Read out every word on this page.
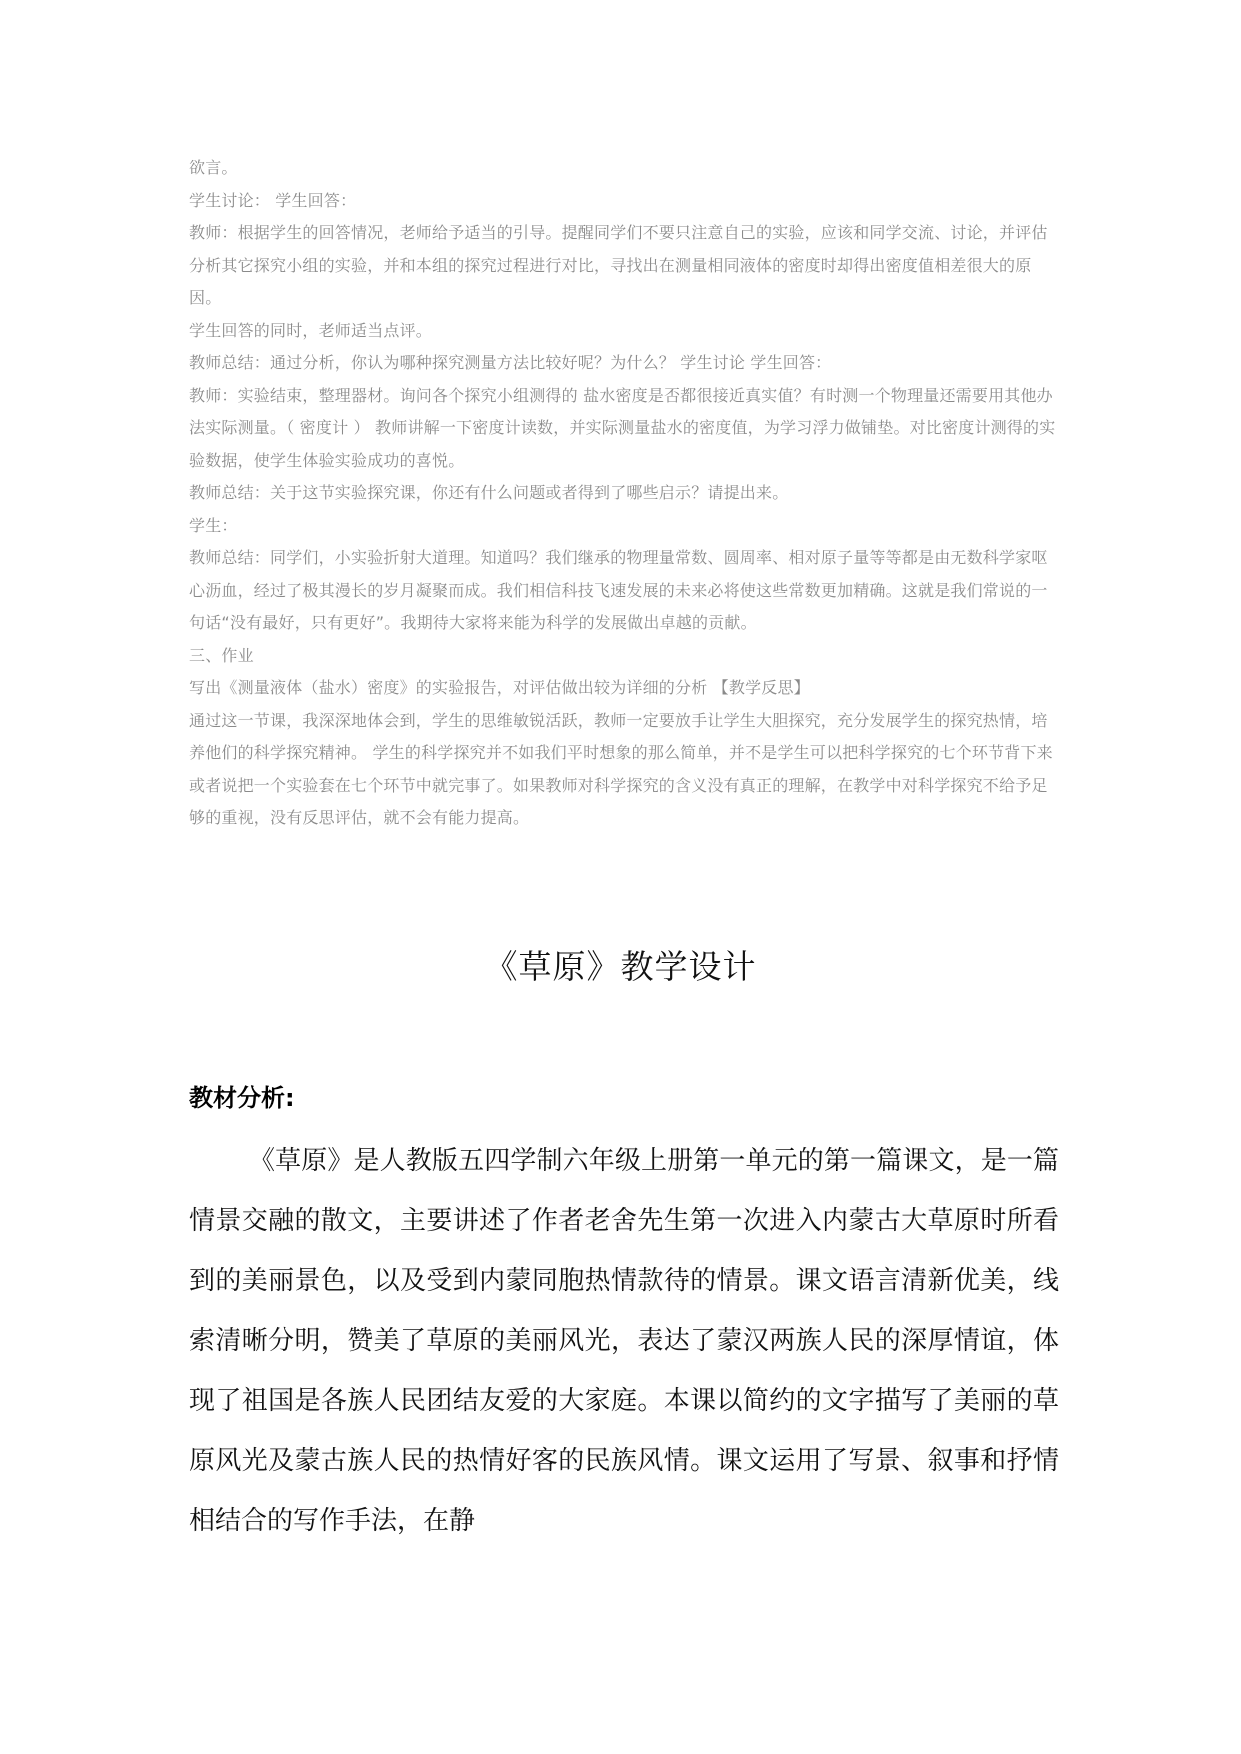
欲言。

学生讨论： 学生回答：

教师：根据学生的回答情况，老师给予适当的引导。提醒同学们不要只注意自己的实验，应该和同学交流、讨论，并评估分析其它探究小组的实验，并和本组的探究过程进行对比，寻找出在测量相同液体的密度时却得出密度值相差很大的原因。

学生回答的同时，老师适当点评。

教师总结：通过分析，你认为哪种探究测量方法比较好呢？为什么？ 学生讨论 学生回答：

教师：实验结束，整理器材。询问各个探究小组测得的 盐水密度是否都很接近真实值？有时测一个物理量还需要用其他办法实际测量。（ 密度计 ） 教师讲解一下密度计读数，并实际测量盐水的密度值，为学习浮力做铺垫。对比密度计测得的实验数据，使学生体验实验成功的喜悦。

教师总结：关于这节实验探究课，你还有什么问题或者得到了哪些启示？请提出来。

学生：

教师总结：同学们，小实验折射大道理。知道吗？我们继承的物理量常数、圆周率、相对原子量等等都是由无数科学家呕心沥血，经过了极其漫长的岁月凝聚而成。我们相信科技飞速发展的未来必将使这些常数更加精确。这就是我们常说的一句话“没有最好，只有更好”。我期待大家将来能为科学的发展做出卓越的贡献。

三、作业

写出《测量液体（盐水）密度》的实验报告，对评估做出较为详细的分析 【教学反思】

通过这一节课，我深深地体会到，学生的思维敏锐活跃，教师一定要放手让学生大胆探究，充分发展学生的探究热情，培养他们的科学探究精神。 学生的科学探究并不如我们平时想象的那么简单，并不是学生可以把科学探究的七个环节背下来或者说把一个实验套在七个环节中就完事了。如果教师对科学探究的含义没有真正的理解，在教学中对科学探究不给予足够的重视，没有反思评估，就不会有能力提高。

《草原》教学设计
教材分析:

《草原》是人教版五四学制六年级上册第一单元的第一篇课文，是一篇情景交融的散文，主要讲述了作者老舍先生第一次进入内蒙古大草原时所看到的美丽景色，以及受到内蒙同胞热情款待的情景。课文语言清新优美，线索清晰分明，赞美了草原的美丽风光，表达了蒙汉两族人民的深厚情谊，体现了祖国是各族人民团结友爱的大家庭。本课以简约的文字描写了美丽的草原风光及蒙古族人民的热情好客的民族风情。课文运用了写景、叙事和抒情相结合的写作手法，在静
